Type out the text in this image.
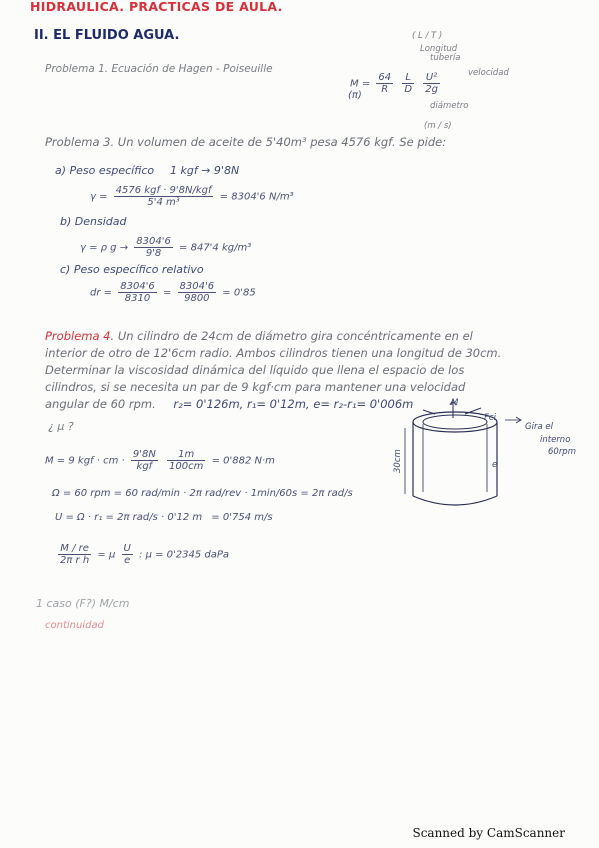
HIDRAULICA. PRACTICAS DE AULA.
II. EL FLUIDO AGUA.
Problema 1. Ecuación de Hagen - Poiseuille
$M = \frac{64}{R}$
$\frac{L}{D}$
$\frac{\text{U²}}{2g}$
(π)
( L / T )
Longitud
tubería
velocidad
diámetro
(m / s)
Problema 3. Un volumen de aceite de 5'40m³ pesa 4576 kgf. Se pide:
a) Peso específico 1 kgf → 9'8N
$\gamma = \frac{\text{4576 kgf · 9'8N/kgf}}{\text{5'4 m³}} = 8304'6$ N/m³
b) Densidad
γ = ρ $g \to \frac{8304'6}{9'8} = 847'4$ kg/m³
c) Peso específico relativo
dr = $\frac{8304'6}{8310} = \frac{8304'6}{9800} = 0'85$
Problema 4. Un cilindro de 24cm de diámetro gira concéntricamente en el
interior de otro de 12'6cm radio. Ambos cilindros tienen una longitud de 30cm.
Determinar la viscosidad dinámica del líquido que llena el espacio de los
cilindros, si se necesita un par de 9 kgf·cm para mantener una velocidad
angular de 60 rpm. r₂= 0'126m, r₁= 0'12m, e= r₂-r₁= 0'006m
¿ μ ?
M = 9 kgf · cm · $\frac{9'8N}{\text{kgf}}$
$\frac{1m}{100cm} = 0'882$ N·m
Ω = 60 rpm = 60 rad/min · 2π rad/rev · 1min/60s = 2π rad/s
U = Ω · r₁ = 2π rad/s · 0'12 m = 0'754 m/s
$\frac{M / re}{\text{2π r h}} = \mu \frac{U}{e}$ : μ = 0'2345 daPa
M
Fci
30cm	e
Gira el
interno
60rpm
1 caso (F?) M/cm
continuidad
Scanned by CamScanner
